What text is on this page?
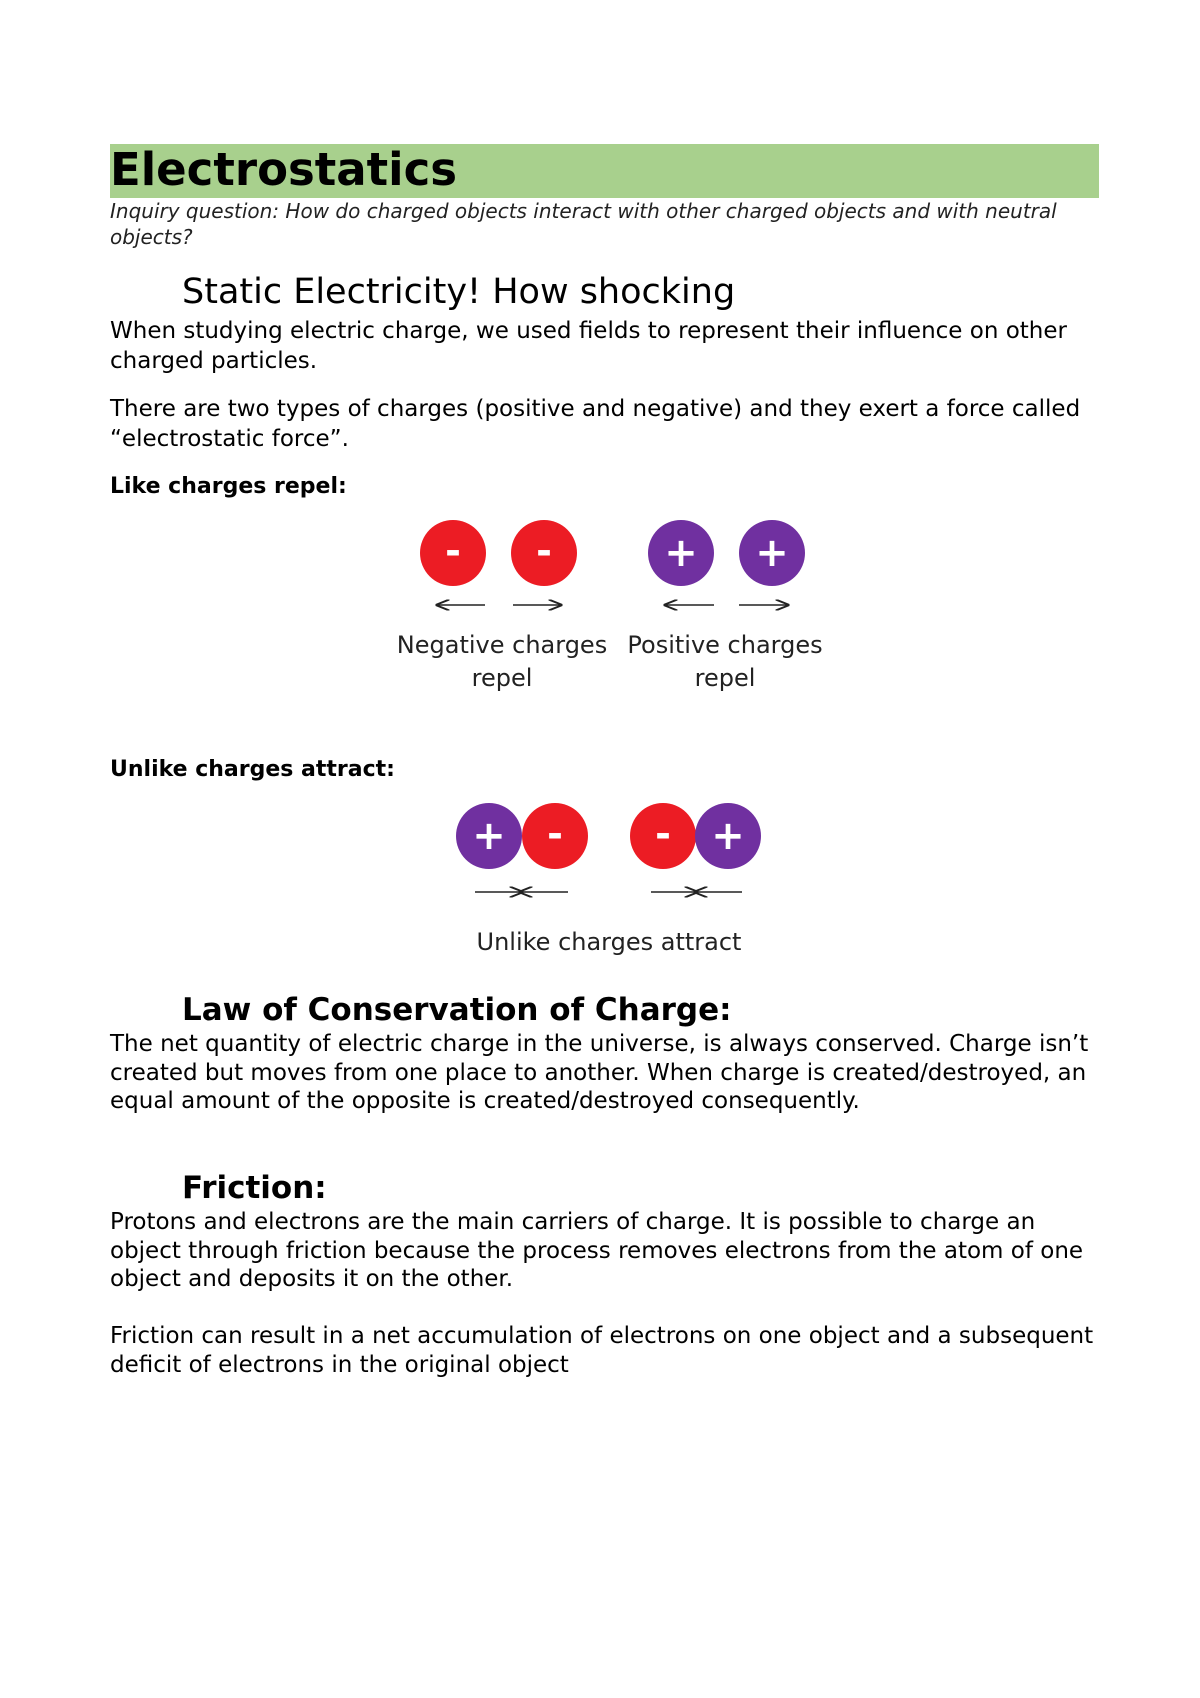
Electrostatics

Inquiry question: How do charged objects interact with other charged objects and with neutral objects?

Static Electricity! How shocking

When studying electric charge, we used fields to represent their influence on other charged particles.

There are two types of charges (positive and negative) and they exert a force called “electrostatic force”.

Like charges repel:

- -	+ +
Negative charges
repel
Positive charges
repel

Unlike charges attract:

+ - - +
Unlike charges attract
Law of Conservation of Charge:

The net quantity of electric charge in the universe, is always conserved. Charge isn’t created but moves from one place to another. When charge is created/destroyed, an equal amount of the opposite is created/destroyed consequently.

Friction:

Protons and electrons are the main carriers of charge. It is possible to charge an object through friction because the process removes electrons from the atom of one object and deposits it on the other.

Friction can result in a net accumulation of electrons on one object and a subsequent deficit of electrons in the original object
